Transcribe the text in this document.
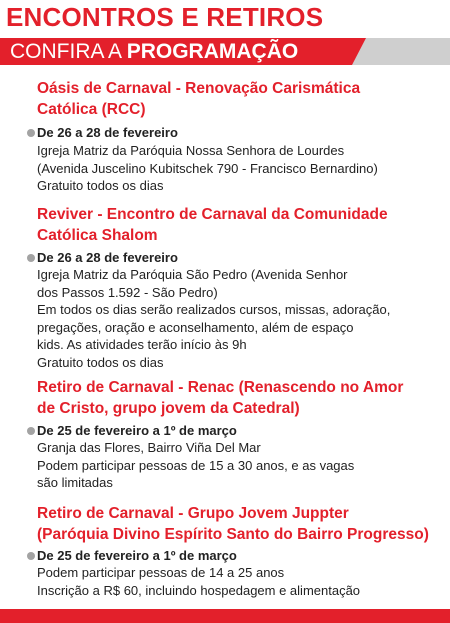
ENCONTROS E RETIROS
CONFIRA A PROGRAMAÇÃO
Oásis de Carnaval - Renovação Carismática
Católica (RCC)
De 26 a 28 de fevereiro
Igreja Matriz da Paróquia Nossa Senhora de Lourdes
(Avenida Juscelino Kubitschek 790 - Francisco Bernardino)
Gratuito todos os dias
Reviver - Encontro de Carnaval da Comunidade
Católica Shalom
De 26 a 28 de fevereiro
Igreja Matriz da Paróquia São Pedro (Avenida Senhor
dos Passos 1.592 - São Pedro)
Em todos os dias serão realizados cursos, missas, adoração,
pregações, oração e aconselhamento, além de espaço
kids. As atividades terão início às 9h
Gratuito todos os dias
Retiro de Carnaval - Renac (Renascendo no Amor
de Cristo, grupo jovem da Catedral)
De 25 de fevereiro a 1º de março
Granja das Flores, Bairro Viña Del Mar
Podem participar pessoas de 15 a 30 anos, e as vagas
são limitadas
Retiro de Carnaval - Grupo Jovem Juppter
(Paróquia Divino Espírito Santo do Bairro Progresso)
De 25 de fevereiro a 1º de março
Podem participar pessoas de 14 a 25 anos
Inscrição a R$ 60, incluindo hospedagem e alimentação
